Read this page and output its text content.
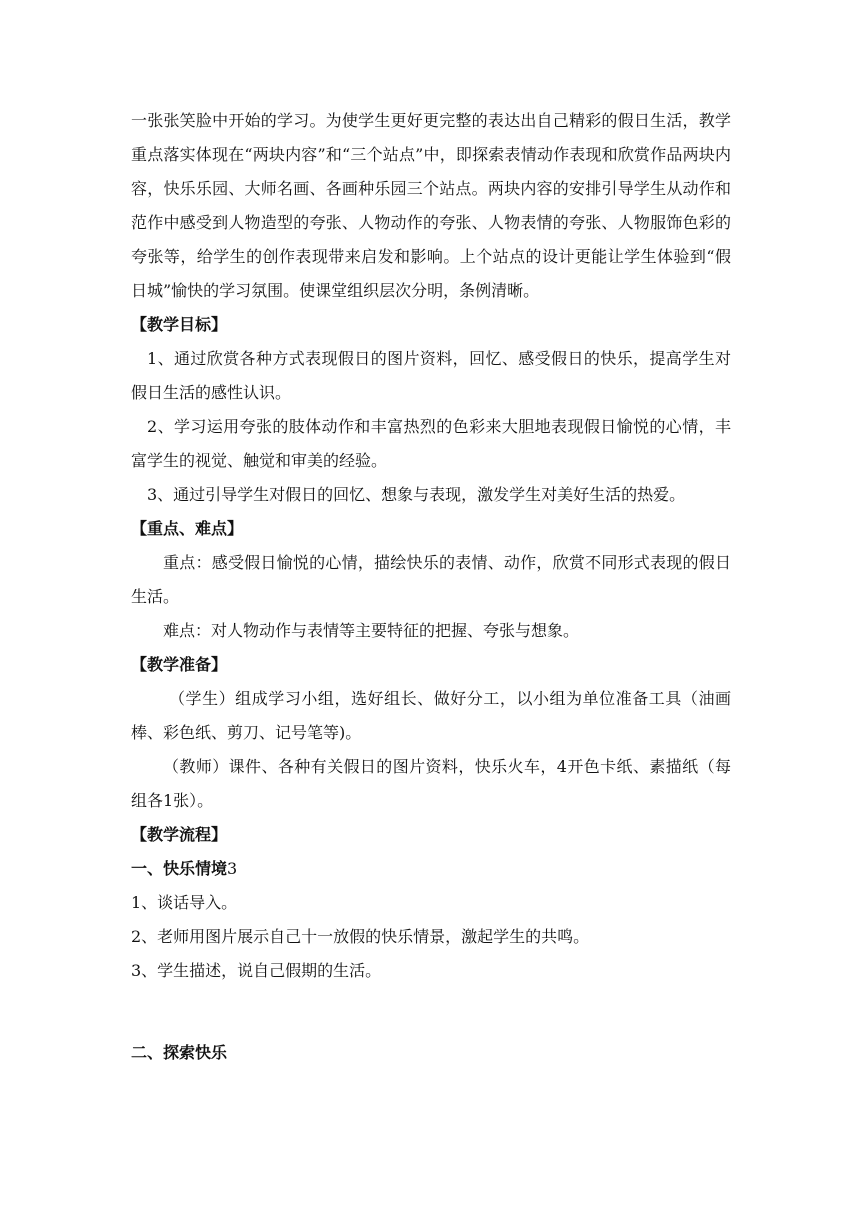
一张张笑脸中开始的学习。为使学生更好更完整的表达出自己精彩的假日生活，教学重点落实体现在“两块内容”和“三个站点”中，即探索表情动作表现和欣赏作品两块内容，快乐乐园、大师名画、各画种乐园三个站点。两块内容的安排引导学生从动作和范作中感受到人物造型的夸张、人物动作的夸张、人物表情的夸张、人物服饰色彩的夸张等，给学生的创作表现带来启发和影响。上个站点的设计更能让学生体验到“假日城”愉快的学习氛围。使课堂组织层次分明，条例清晰。

【教学目标】

1、通过欣赏各种方式表现假日的图片资料，回忆、感受假日的快乐，提高学生对假日生活的感性认识。

2、学习运用夸张的肢体动作和丰富热烈的色彩来大胆地表现假日愉悦的心情，丰富学生的视觉、触觉和审美的经验。

3、通过引导学生对假日的回忆、想象与表现，激发学生对美好生活的热爱。

【重点、难点】

重点：感受假日愉悦的心情，描绘快乐的表情、动作，欣赏不同形式表现的假日生活。

难点：对人物动作与表情等主要特征的把握、夸张与想象。

【教学准备】

（学生）组成学习小组，选好组长、做好分工，以小组为单位准备工具（油画棒、彩色纸、剪刀、记号笔等)。

（教师）课件、各种有关假日的图片资料，快乐火车，4开色卡纸、素描纸（每组各1张）。

【教学流程】

一、快乐情境3

1、谈话导入。

2、老师用图片展示自己十一放假的快乐情景，激起学生的共鸣。

3、学生描述，说自己假期的生活。

二、探索快乐
